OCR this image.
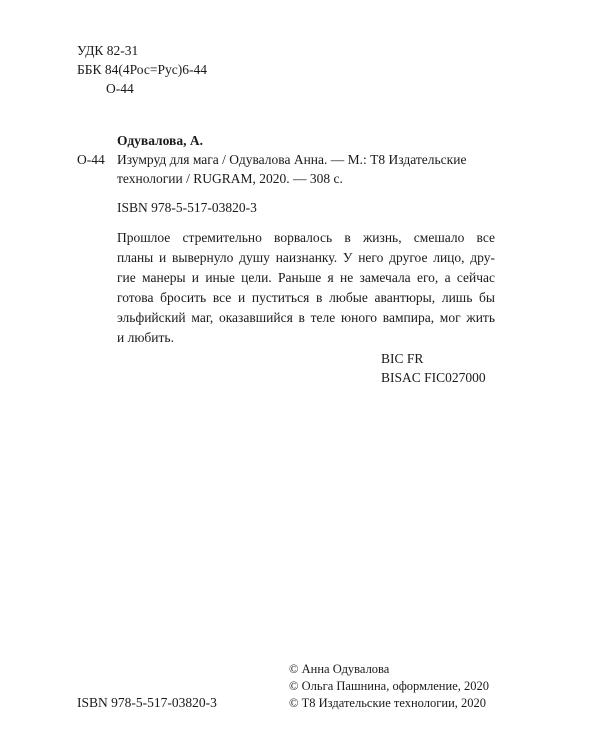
УДК 82-31
ББК 84(4Рос=Рус)6-44
О-44
Одувалова, А.
О-44 Изумруд для мага / Одувалова Анна. — М.: Т8 Издательские
технологии / RUGRAM, 2020. — 308 с.
ISBN 978-5-517-03820-3
Прошлое стремительно ворвалось в жизнь, смешало все
планы и вывернуло душу наизнанку. У него другое лицо, дру-
гие манеры и иные цели. Раньше я не замечала его, а сейчас
готова бросить все и пуститься в любые авантюры, лишь бы
эльфийский маг, оказавшийся в теле юного вампира, мог жить
и любить.
BIC FR
BISAC FIC027000
© Анна Одувалова
© Ольга Пашнина, оформление, 2020
© Т8 Издательские технологии, 2020
ISBN 978-5-517-03820-3
